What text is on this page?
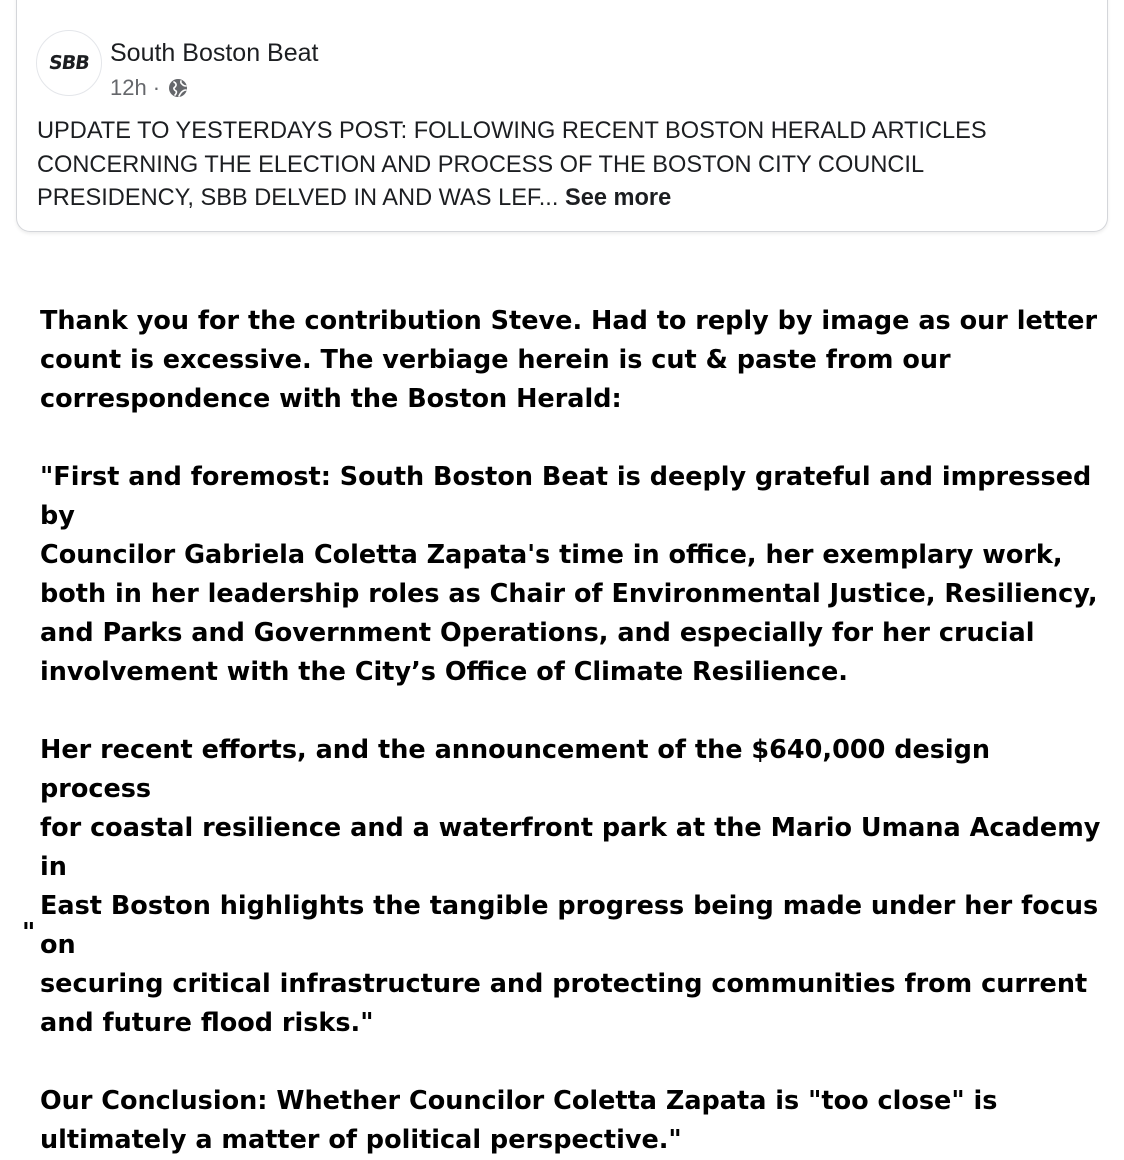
SBB South Boston Beat
12h ·
UPDATE TO YESTERDAYS POST: FOLLOWING RECENT BOSTON HERALD ARTICLES
CONCERNING THE ELECTION AND PROCESS OF THE BOSTON CITY COUNCIL
PRESIDENCY, SBB DELVED IN AND WAS LEF... See more

Thank you for the contribution Steve. Had to reply by image as our letter
count is excessive. The verbiage herein is cut & paste from our
correspondence with the Boston Herald:

"First and foremost: South Boston Beat is deeply grateful and impressed by
Councilor Gabriela Coletta Zapata's time in office, her exemplary work,
both in her leadership roles as Chair of Environmental Justice, Resiliency,
and Parks and Government Operations, and especially for her crucial
involvement with the City’s Office of Climate Resilience.

Her recent efforts, and the announcement of the $640,000 design process
for coastal resilience and a waterfront park at the Mario Umana Academy in
East Boston highlights the tangible progress being made under her focus on
securing critical infrastructure and protecting communities from current
and future flood risks."

Our Conclusion: Whether Councilor Coletta Zapata is "too close" is
ultimately a matter of political perspective."

"
